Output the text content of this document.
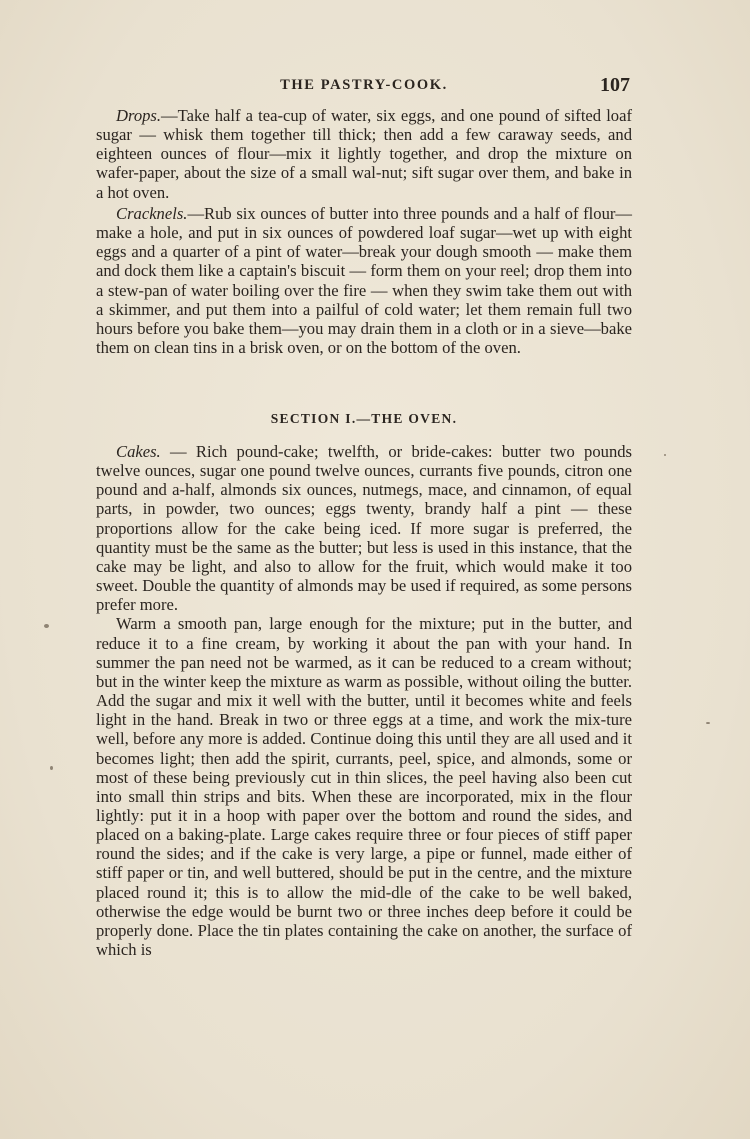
THE PASTRY-COOK.	107

Drops.—Take half a tea-cup of water, six eggs, and one pound of sifted loaf sugar — whisk them together till thick; then add a few caraway seeds, and eighteen ounces of flour—mix it lightly together, and drop the mixture on wafer-paper, about the size of a small wal-nut; sift sugar over them, and bake in a hot oven.

Cracknels.—Rub six ounces of butter into three pounds and a half of flour—make a hole, and put in six ounces of powdered loaf sugar—wet up with eight eggs and a quarter of a pint of water—break your dough smooth — make them and dock them like a captain's biscuit — form them on your reel; drop them into a stew-pan of water boiling over the fire — when they swim take them out with a skimmer, and put them into a pailful of cold water; let them remain full two hours before you bake them—you may drain them in a cloth or in a sieve—bake them on clean tins in a brisk oven, or on the bottom of the oven.

SECTION I.—THE OVEN.

Cakes. — Rich pound-cake; twelfth, or bride-cakes: butter two pounds twelve ounces, sugar one pound twelve ounces, currants five pounds, citron one pound and a-half, almonds six ounces, nutmegs, mace, and cinnamon, of equal parts, in powder, two ounces; eggs twenty, brandy half a pint — these proportions allow for the cake being iced. If more sugar is preferred, the quantity must be the same as the butter; but less is used in this instance, that the cake may be light, and also to allow for the fruit, which would make it too sweet. Double the quantity of almonds may be used if required, as some persons prefer more.

Warm a smooth pan, large enough for the mixture; put in the butter, and reduce it to a fine cream, by working it about the pan with your hand. In summer the pan need not be warmed, as it can be reduced to a cream without; but in the winter keep the mixture as warm as possible, without oiling the butter. Add the sugar and mix it well with the butter, until it becomes white and feels light in the hand. Break in two or three eggs at a time, and work the mix-ture well, before any more is added. Continue doing this until they are all used and it becomes light; then add the spirit, currants, peel, spice, and almonds, some or most of these being previously cut in thin slices, the peel having also been cut into small thin strips and bits. When these are incorporated, mix in the flour lightly: put it in a hoop with paper over the bottom and round the sides, and placed on a baking-plate. Large cakes require three or four pieces of stiff paper round the sides; and if the cake is very large, a pipe or funnel, made either of stiff paper or tin, and well buttered, should be put in the centre, and the mixture placed round it; this is to allow the mid-dle of the cake to be well baked, otherwise the edge would be burnt two or three inches deep before it could be properly done. Place the tin plates containing the cake on another, the surface of which is
